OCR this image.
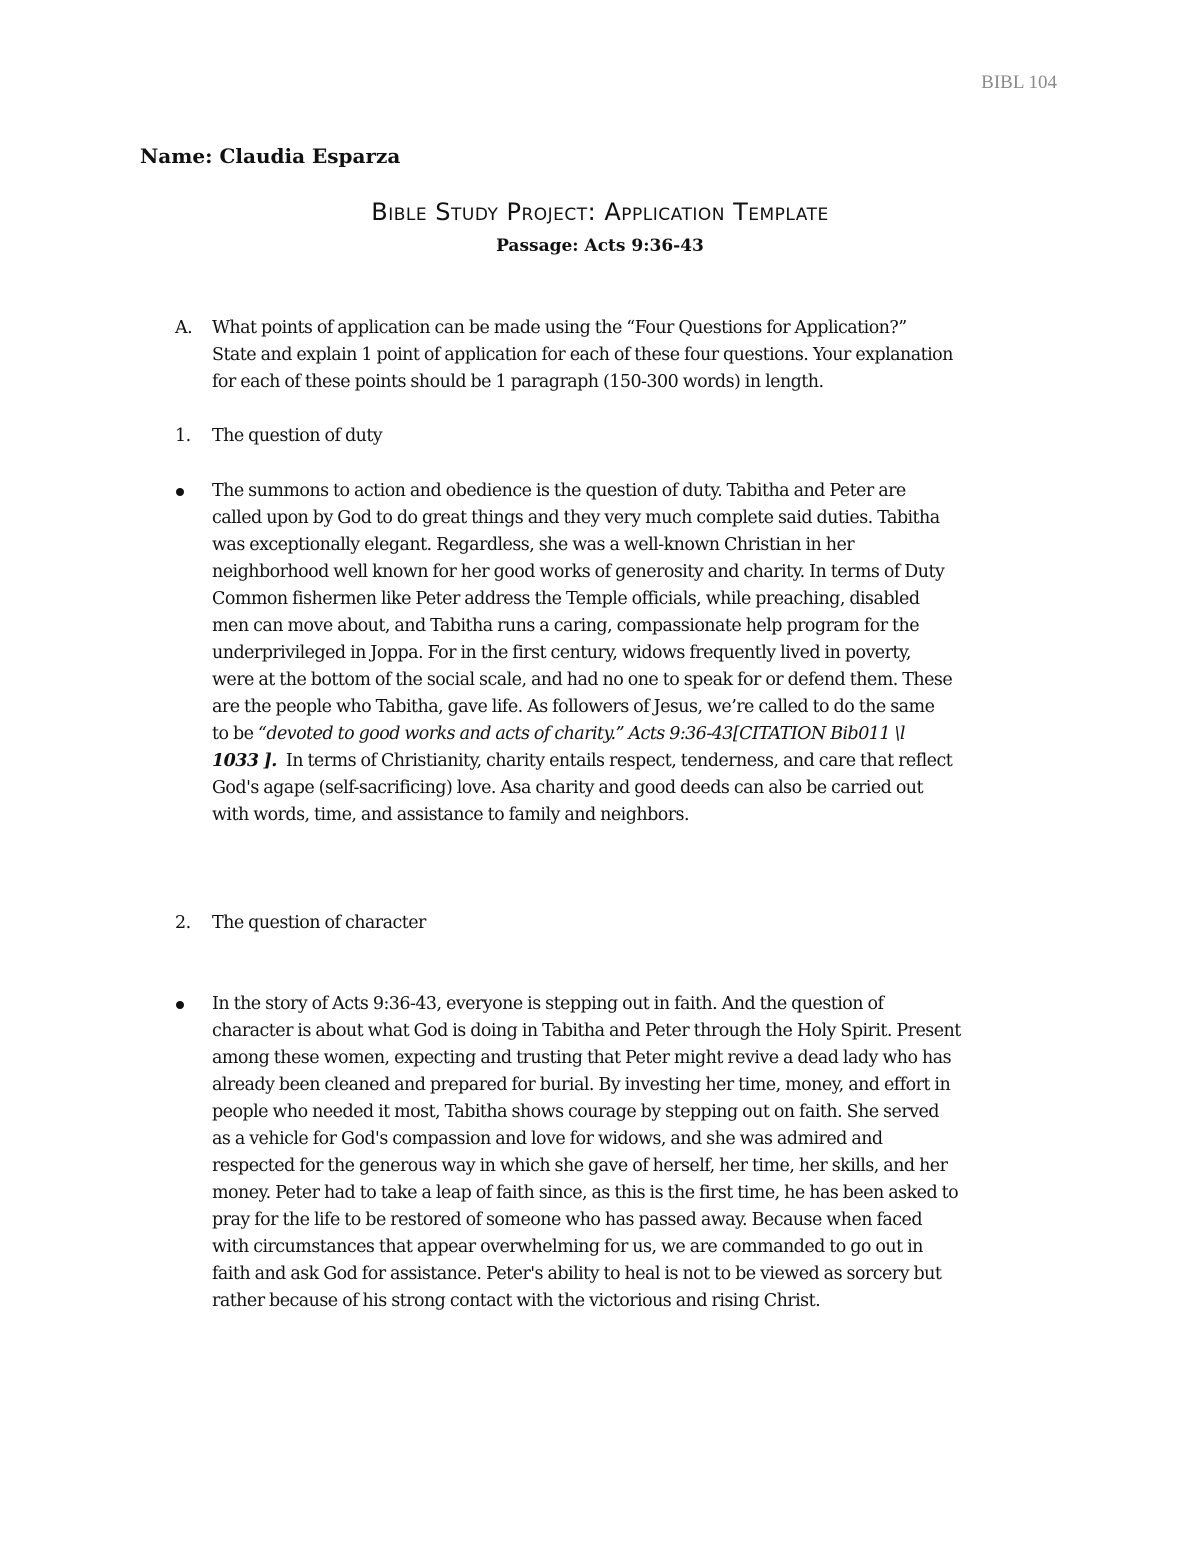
BIBL 104
Name: Claudia Esparza
Bible Study Project: Application Template
Passage: Acts 9:36-43
A.	What points of application can be made using the “Four Questions for Application?”
State and explain 1 point of application for each of these four questions. Your explanation
for each of these points should be 1 paragraph (150-300 words) in length.
1.	The question of duty
The summons to action and obedience is the question of duty. Tabitha and Peter are
called upon by God to do great things and they very much complete said duties. Tabitha
was exceptionally elegant. Regardless, she was a well-known Christian in her
neighborhood well known for her good works of generosity and charity. In terms of Duty
Common fishermen like Peter address the Temple officials, while preaching, disabled
men can move about, and Tabitha runs a caring, compassionate help program for the
underprivileged in Joppa. For in the first century, widows frequently lived in poverty,
were at the bottom of the social scale, and had no one to speak for or defend them. These
are the people who Tabitha, gave life. As followers of Jesus, we’re called to do the same
to be “devoted to good works and acts of charity.” Acts 9:36-43[CITATION Bib011 \l
1033 ].  In terms of Christianity, charity entails respect, tenderness, and care that reflect
God's agape (self-sacrificing) love. Asa charity and good deeds can also be carried out
with words, time, and assistance to family and neighbors.
2.	The question of character
In the story of Acts 9:36-43, everyone is stepping out in faith. And the question of
character is about what God is doing in Tabitha and Peter through the Holy Spirit. Present
among these women, expecting and trusting that Peter might revive a dead lady who has
already been cleaned and prepared for burial. By investing her time, money, and effort in
people who needed it most, Tabitha shows courage by stepping out on faith. She served
as a vehicle for God's compassion and love for widows, and she was admired and
respected for the generous way in which she gave of herself, her time, her skills, and her
money. Peter had to take a leap of faith since, as this is the first time, he has been asked to
pray for the life to be restored of someone who has passed away. Because when faced
with circumstances that appear overwhelming for us, we are commanded to go out in
faith and ask God for assistance. Peter's ability to heal is not to be viewed as sorcery but
rather because of his strong contact with the victorious and rising Christ.
